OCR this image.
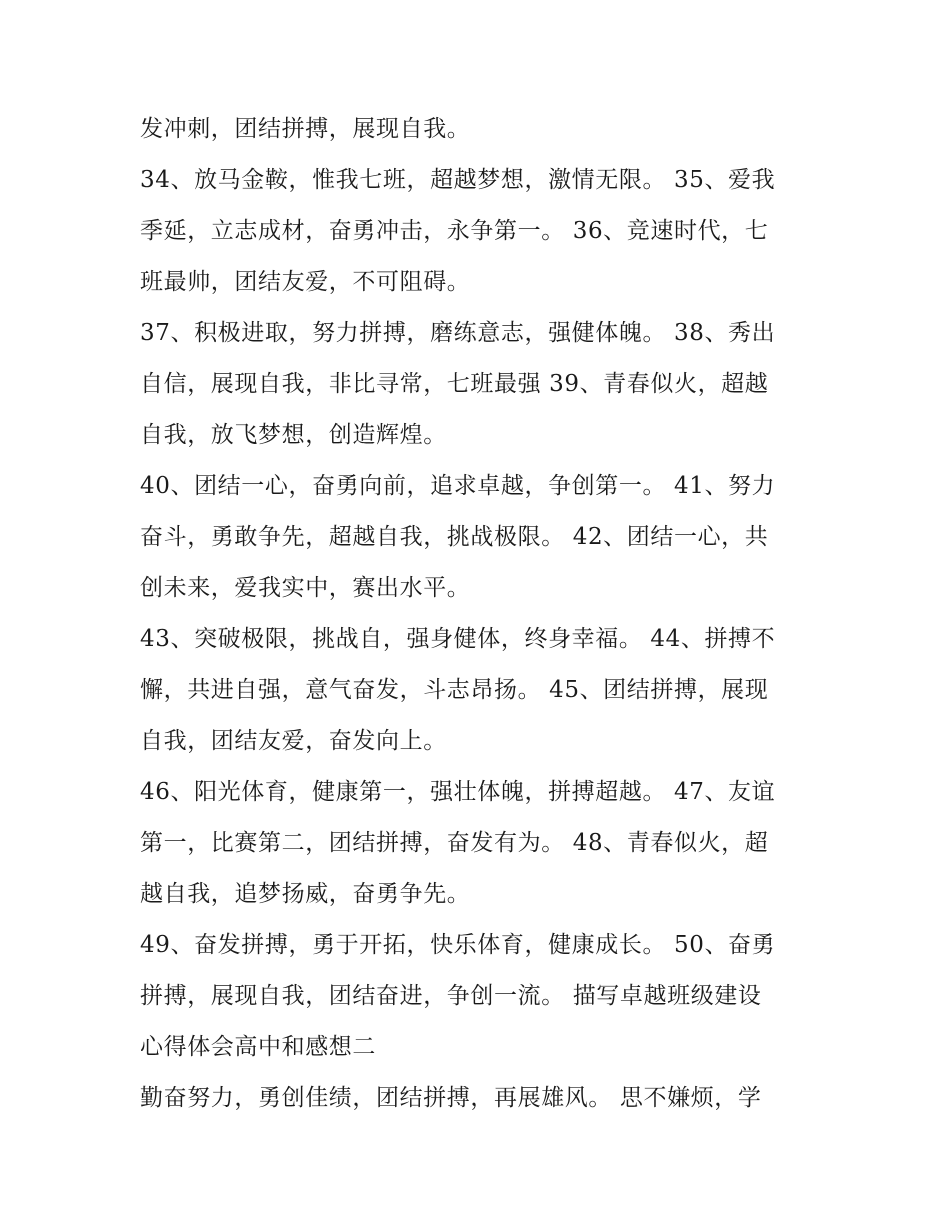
发冲刺，团结拼搏，展现自我。
34、放马金鞍，惟我七班，超越梦想，激情无限。 35、爱我
季延，立志成材，奋勇冲击，永争第一。 36、竞速时代，七
班最帅，团结友爱，不可阻碍。
37、积极进取，努力拼搏，磨练意志，强健体魄。 38、秀出
自信，展现自我，非比寻常，七班最强 39、青春似火，超越
自我，放飞梦想，创造辉煌。
40、团结一心，奋勇向前，追求卓越，争创第一。 41、努力
奋斗，勇敢争先，超越自我，挑战极限。 42、团结一心，共
创未来，爱我实中，赛出水平。
43、突破极限，挑战自，强身健体，终身幸福。 44、拼搏不
懈，共进自强，意气奋发，斗志昂扬。 45、团结拼搏，展现
自我，团结友爱，奋发向上。
46、阳光体育，健康第一，强壮体魄，拼搏超越。 47、友谊
第一，比赛第二，团结拼搏，奋发有为。 48、青春似火，超
越自我，追梦扬威，奋勇争先。
49、奋发拼搏，勇于开拓，快乐体育，健康成长。 50、奋勇
拼搏，展现自我，团结奋进，争创一流。 描写卓越班级建设
心得体会高中和感想二
勤奋努力，勇创佳绩，团结拼搏，再展雄风。 思不嫌烦，学
